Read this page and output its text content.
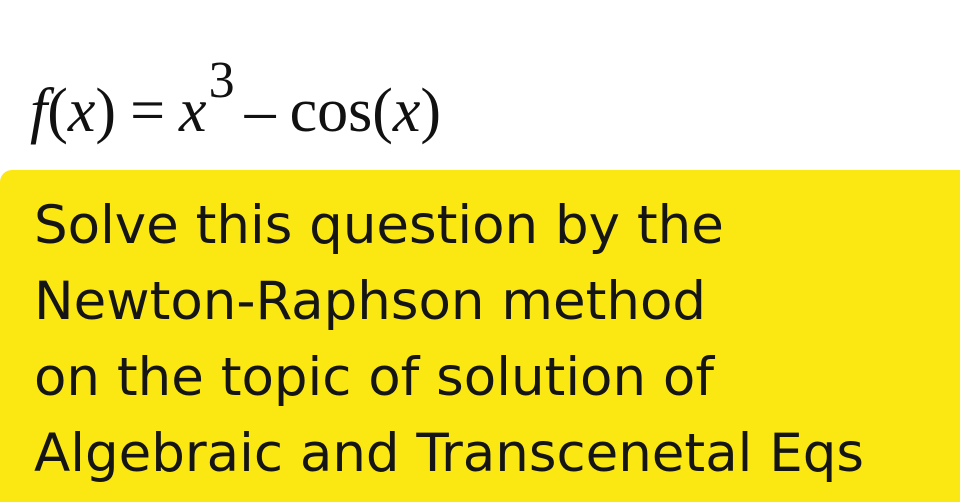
$f(x) = x^3 - \cos(x)$
Solve this question by the
Newton-Raphson method
on the topic of solution of
Algebraic and Transcenetal Eqs
